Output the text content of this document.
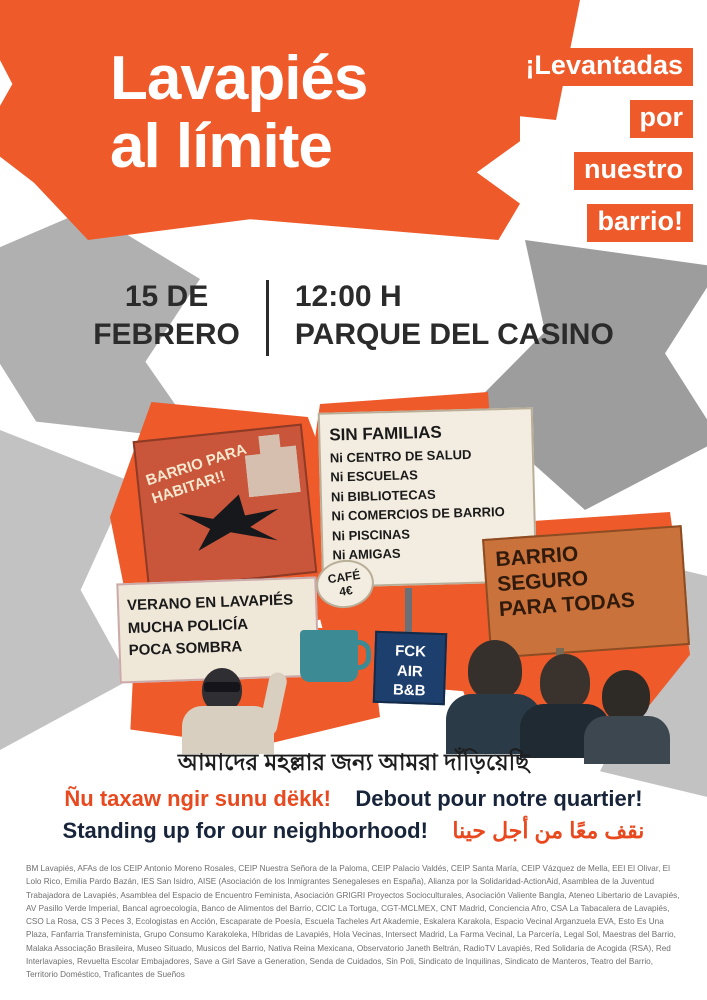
Lavapiés
al límite
¡Levantadas
por
nuestro
barrio!
15 DE
FEBRERO
12:00 H
PARQUE DEL CASINO
BARRIO PARA HABITAR!!
VERANO EN LAVAPIÉS
MUCHA POLICÍA
POCA SOMBRA
SIN FAMILIAS
Ni CENTRO DE SALUD
Ni ESCUELAS
Ni BIBLIOTECAS
Ni COMERCIOS DE BARRIO
Ni PISCINAS
Ni AMIGAS	BARRIO
SEGURO
PARA TODAS
CAFÉ
4€
FCK
AIR
B&B
আমাদের মহল্লার জন্য আমরা দাঁড়িয়েছি
Ñu taxaw ngir sunu dëkk! Debout pour notre quartier!
Standing up for our neighborhood! نقف معًا من أجل حينا
BM Lavapiés, AFAs de los CEIP Antonio Moreno Rosales, CEIP Nuestra Señora de la Paloma, CEIP Palacio Valdés, CEIP Santa María, CEIP Vázquez de Mella, EEI El Olivar, El Lolo Rico, Emilia Pardo Bazán, IES San Isidro, AISE (Asociación de los Inmigrantes Senegaleses en España), Alianza por la Solidaridad-ActionAid, Asamblea de la Juventud Trabajadora de Lavapiés, Asamblea del Espacio de Encuentro Feminista, Asociación GRIGRI Proyectos Socioculturales, Asociación Valiente Bangla, Ateneo Libertario de Lavapiés, AV Pasillo Verde Imperial, Bancal agroecología, Banco de Alimentos del Barrio, CCIC La Tortuga, CGT-MCLMEX, CNT Madrid, Conciencia Afro, CSA La Tabacalera de Lavapiés, CSO La Rosa, CS 3 Peces 3, Ecologistas en Acción, Escaparate de Poesía, Escuela Tacheles Art Akademie, Eskalera Karakola, Espacio Vecinal Arganzuela EVA, Esto Es Una Plaza, Fanfarria Transfeminista, Grupo Consumo Karakoleka, Híbridas de Lavapiés, Hola Vecinas, Intersect Madrid, La Farma Vecinal, La Parcería, Legal Sol, Maestras del Barrio, Malaka Associação Brasileira, Museo Situado, Musicos del Barrio, Nativa Reina Mexicana, Observatorio Janeth Beltrán, RadioTV Lavapiés, Red Solidaria de Acogida (RSA), Red Interlavapies, Revuelta Escolar Embajadores, Save a Girl Save a Generation, Senda de Cuidados, Sin Poli, Sindicato de Inquilinas, Sindicato de Manteros, Teatro del Barrio, Territorio Doméstico, Traficantes de Sueños
